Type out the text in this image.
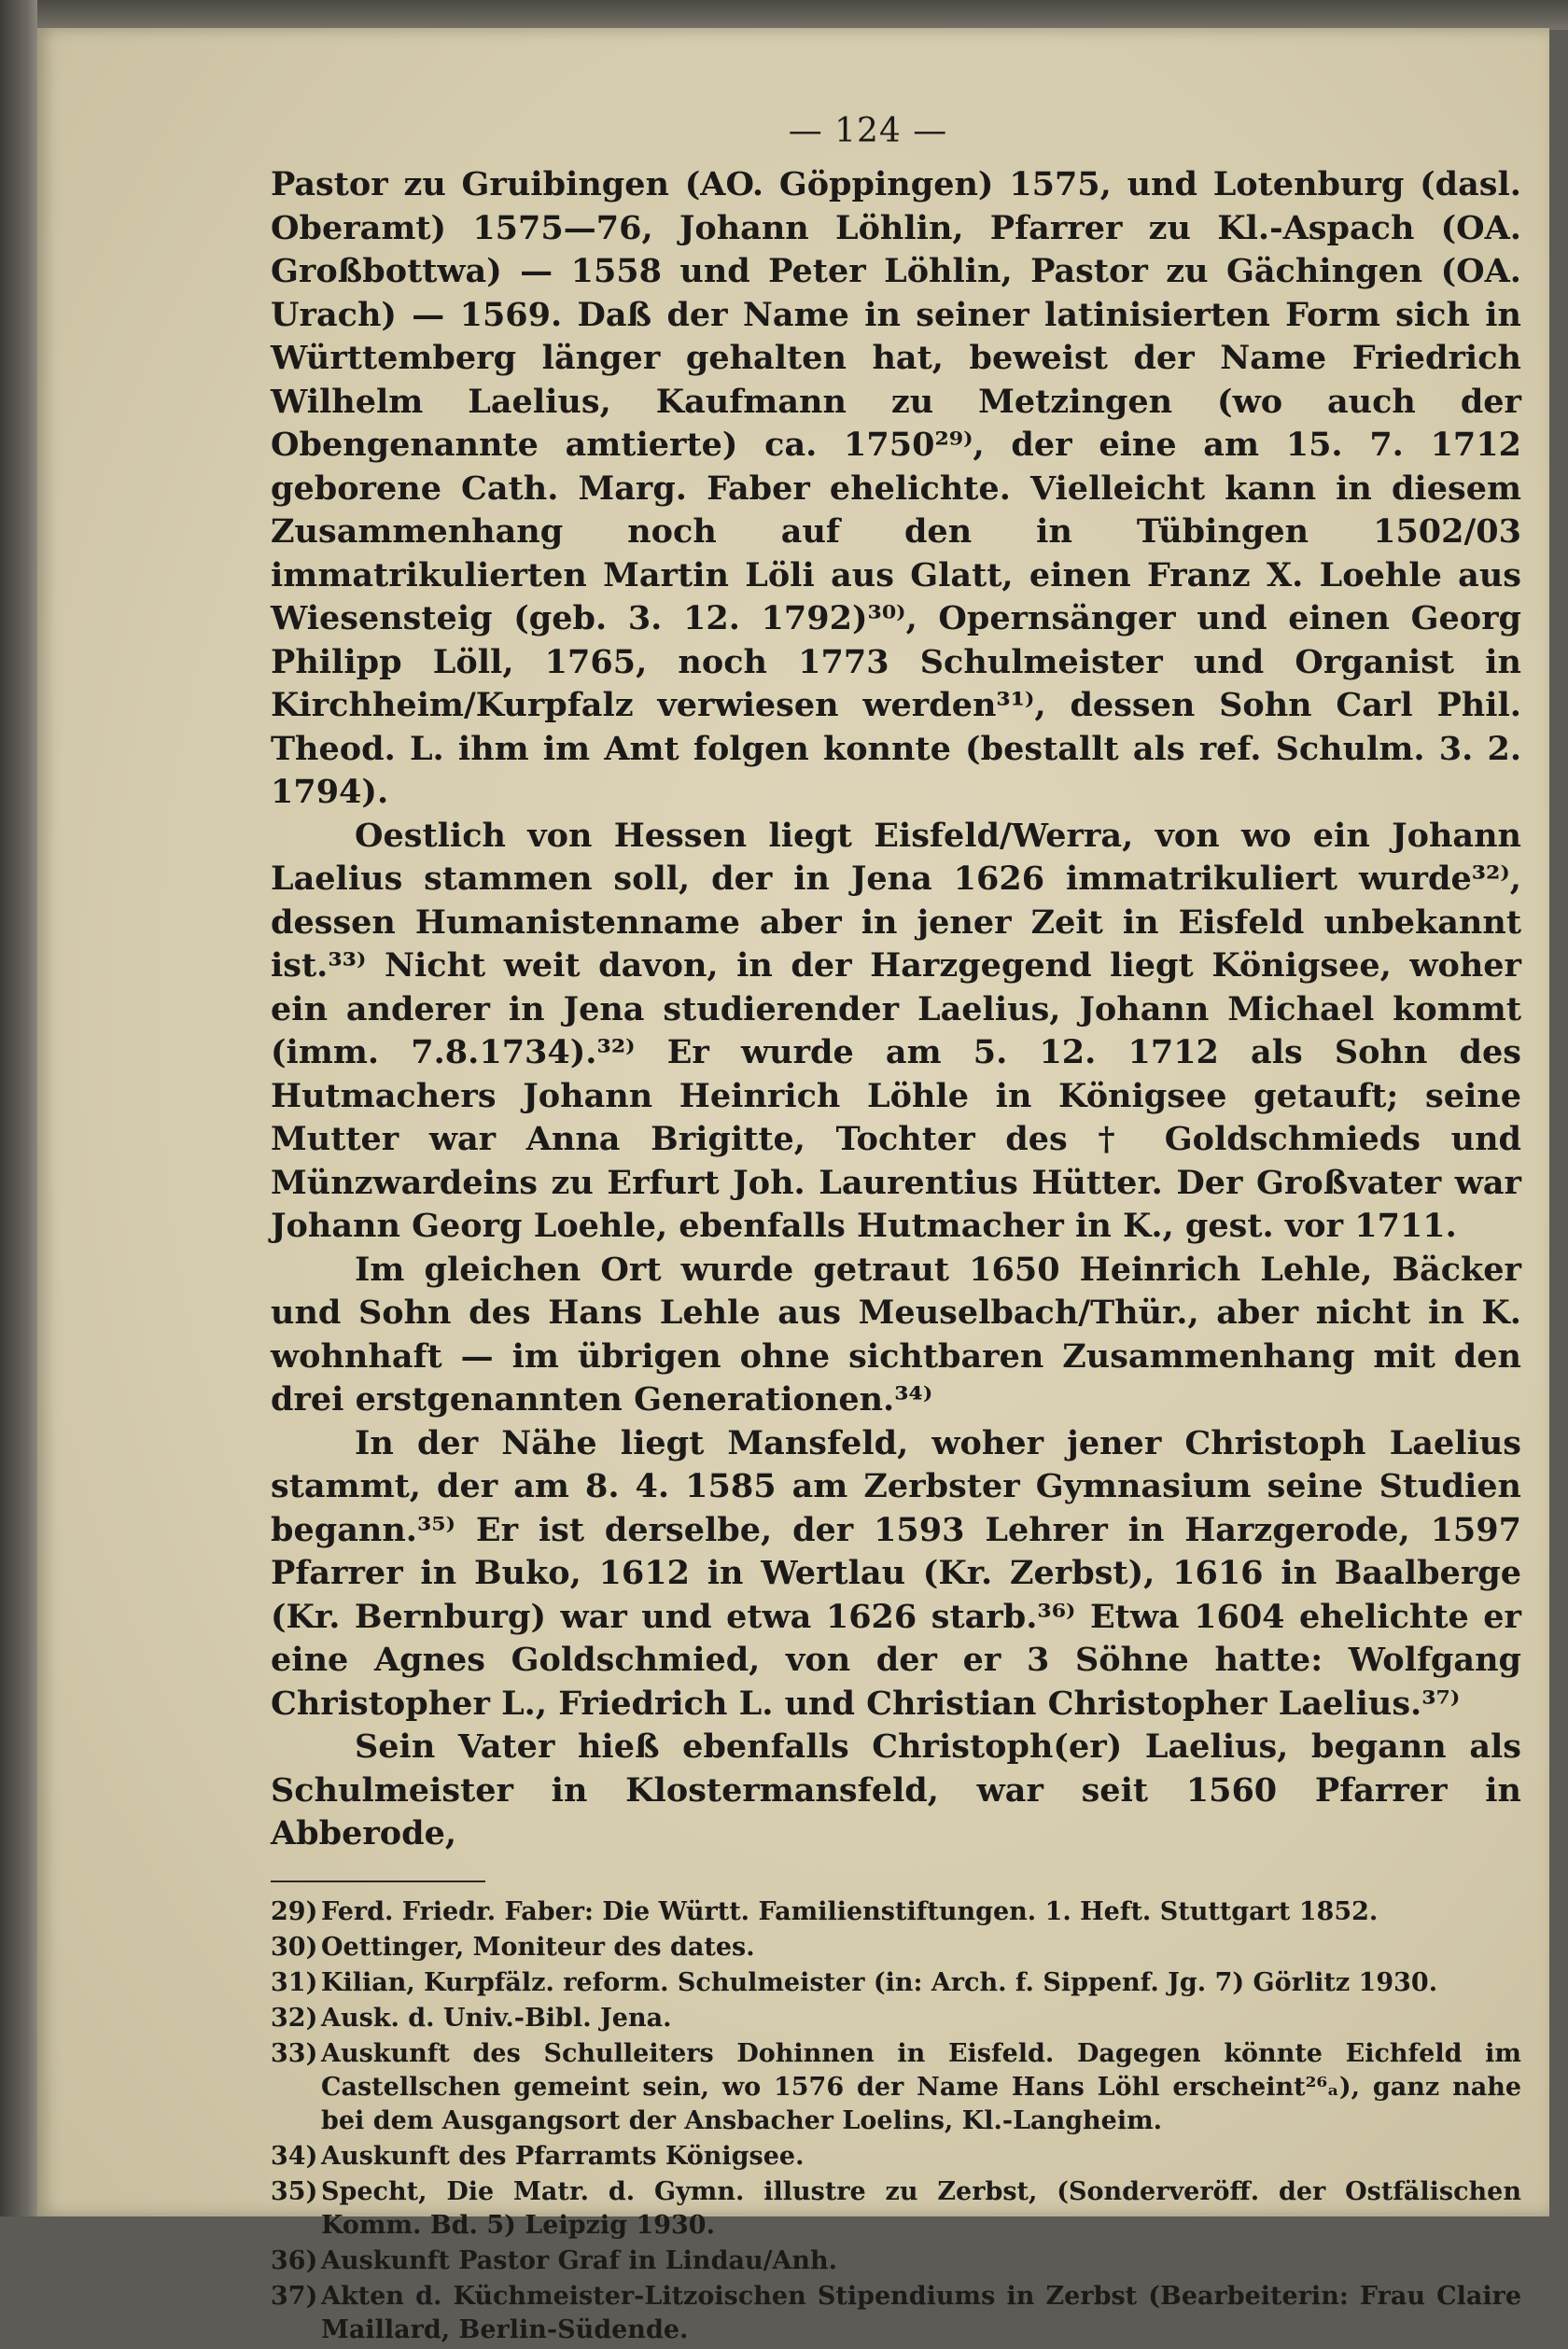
— 124 —

Pastor zu Gruibingen (AO. Göppingen) 1575, und Lotenburg (dasl. Oberamt) 1575—76, Johann Löhlin, Pfarrer zu Kl.-Aspach (OA. Großbottwa) — 1558 und Peter Löhlin, Pastor zu Gächingen (OA. Urach) — 1569. Daß der Name in seiner latinisierten Form sich in Württemberg länger gehalten hat, beweist der Name Friedrich Wilhelm Laelius, Kaufmann zu Metzingen (wo auch der Obengenannte amtierte) ca. 1750²⁹⁾, der eine am 15. 7. 1712 geborene Cath. Marg. Faber ehelichte. Vielleicht kann in diesem Zusammenhang noch auf den in Tübingen 1502/03 immatrikulierten Martin Löli aus Glatt, einen Franz X. Loehle aus Wiesensteig (geb. 3. 12. 1792)³⁰⁾, Opernsänger und einen Georg Philipp Löll, 1765, noch 1773 Schulmeister und Organist in Kirchheim/Kurpfalz verwiesen werden³¹⁾, dessen Sohn Carl Phil. Theod. L. ihm im Amt folgen konnte (bestallt als ref. Schulm. 3. 2. 1794).

Oestlich von Hessen liegt Eisfeld/Werra, von wo ein Johann Laelius stammen soll, der in Jena 1626 immatrikuliert wurde³²⁾, dessen Humanistenname aber in jener Zeit in Eisfeld unbekannt ist.³³⁾ Nicht weit davon, in der Harzgegend liegt Königsee, woher ein anderer in Jena studierender Laelius, Johann Michael kommt (imm. 7.8.1734).³²⁾ Er wurde am 5. 12. 1712 als Sohn des Hutmachers Johann Heinrich Löhle in Königsee getauft; seine Mutter war Anna Brigitte, Tochter des † Goldschmieds und Münzwardeins zu Erfurt Joh. Laurentius Hütter. Der Großvater war Johann Georg Loehle, ebenfalls Hutmacher in K., gest. vor 1711.

Im gleichen Ort wurde getraut 1650 Heinrich Lehle, Bäcker und Sohn des Hans Lehle aus Meuselbach/Thür., aber nicht in K. wohnhaft — im übrigen ohne sichtbaren Zusammenhang mit den drei erstgenannten Generationen.³⁴⁾

In der Nähe liegt Mansfeld, woher jener Christoph Laelius stammt, der am 8. 4. 1585 am Zerbster Gymnasium seine Studien begann.³⁵⁾ Er ist derselbe, der 1593 Lehrer in Harzgerode, 1597 Pfarrer in Buko, 1612 in Wertlau (Kr. Zerbst), 1616 in Baalberge (Kr. Bernburg) war und etwa 1626 starb.³⁶⁾ Etwa 1604 ehelichte er eine Agnes Goldschmied, von der er 3 Söhne hatte: Wolfgang Christopher L., Friedrich L. und Christian Christopher Laelius.³⁷⁾

Sein Vater hieß ebenfalls Christoph(er) Laelius, begann als Schulmeister in Klostermansfeld, war seit 1560 Pfarrer in Abberode,

29) Ferd. Friedr. Faber: Die Württ. Familienstiftungen. 1. Heft. Stuttgart 1852.
30) Oettinger, Moniteur des dates.
31) Kilian, Kurpfälz. reform. Schulmeister (in: Arch. f. Sippenf. Jg. 7) Görlitz 1930.
32) Ausk. d. Univ.-Bibl. Jena.
33) Auskunft des Schulleiters Dohinnen in Eisfeld. Dagegen könnte Eichfeld im Castellschen gemeint sein, wo 1576 der Name Hans Löhl erscheint²⁶ₐ), ganz nahe bei dem Ausgangsort der Ansbacher Loelins, Kl.-Langheim.
34) Auskunft des Pfarramts Königsee.
35) Specht, Die Matr. d. Gymn. illustre zu Zerbst, (Sonderveröff. der Ostfälischen Komm. Bd. 5) Leipzig 1930.
36) Auskunft Pastor Graf in Lindau/Anh.
37) Akten d. Küchmeister-Litzoischen Stipendiums in Zerbst (Bearbeiterin: Frau Claire Maillard, Berlin-Südende.
